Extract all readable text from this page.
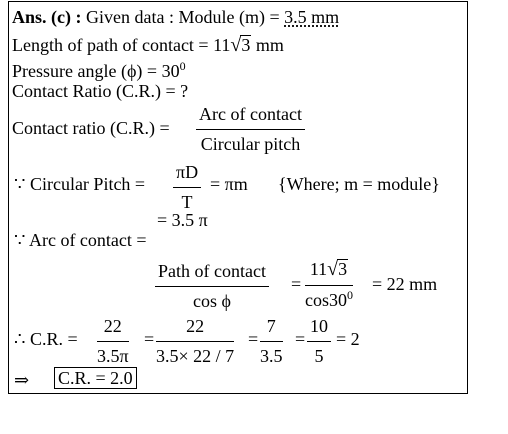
Ans. (c) : Given data : Module (m) = 3.5 mm
Length of path of contact = 11√3 mm
Pressure angle $(\phi) = 30^0$
Contact Ratio (C.R.) = ?
Contact ratio (C.R.) =
Arc of contact
Circular pitch
∵ Circular Pitch = $\frac{\pi D}{T} = \pi m$ {Where; m = module}
= 3.5 π
∵ Arc of contact =
Path of contact
cos ϕ
= $\frac{11√3}{\cos 30^0} = 22$ mm
∴ C.R. = $\frac{22}{3.5\pi} = \frac{22}{3.5\times 22 / 7} = \frac{7}{3.5} = \frac{10}{5} = 2$
⇒ C.R. = 2.0
